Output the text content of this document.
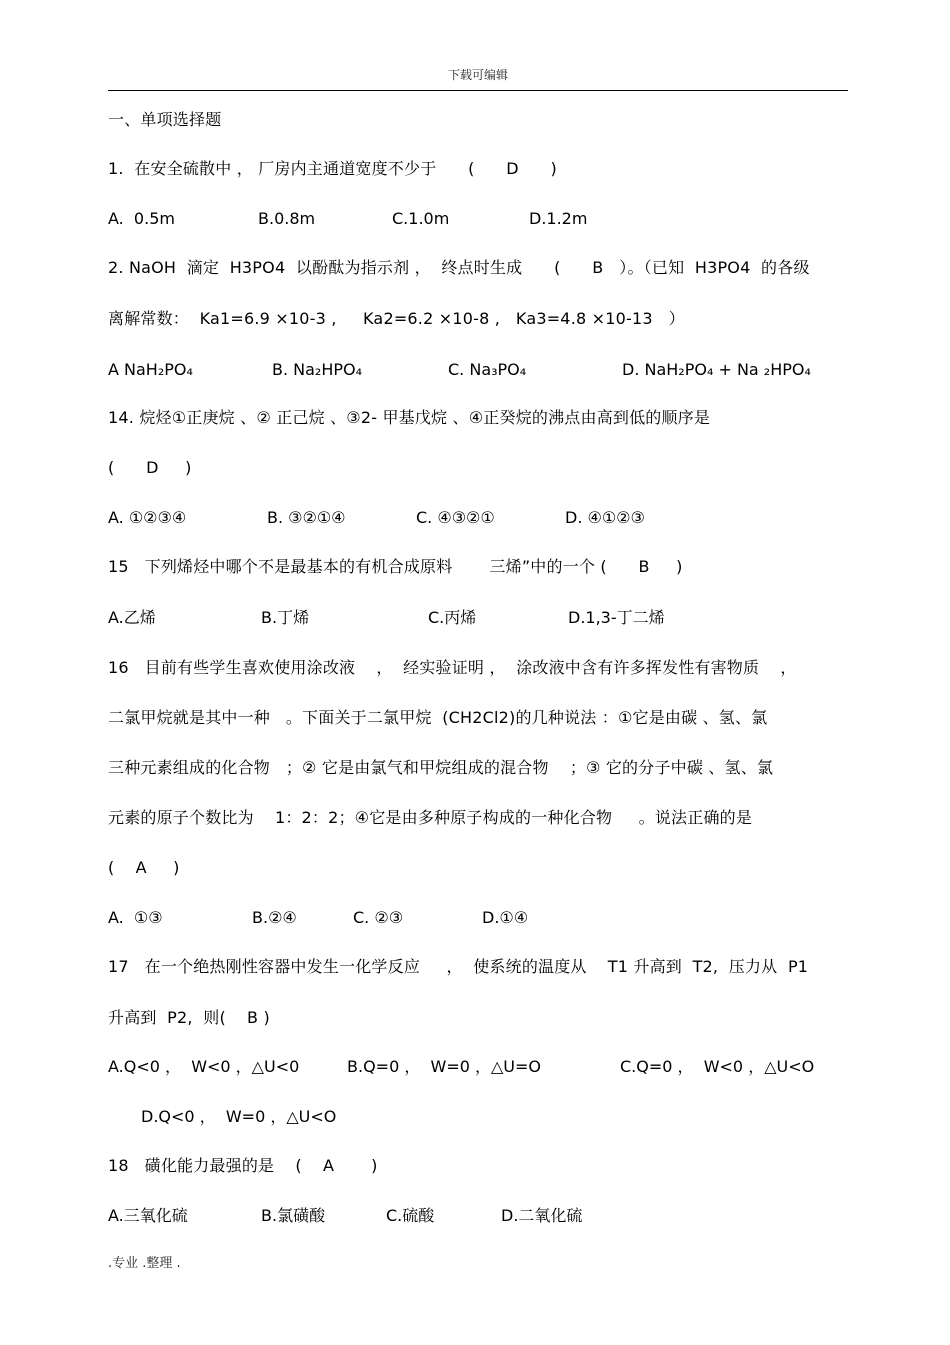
下载可编辑
一、单项选择题
1.  在安全硫散中 ， 厂房内主通道宽度不少于      (      D      )
A.  0.5m	B.0.8m	C.1.0m	D.1.2m
2. NaOH  滴定  H3PO4  以酚酞为指示剂 ，  终点时生成      (      B   ）。（已知  H3PO4  的各级
离解常数：  Ka1=6.9 ×10-3 ,     Ka2=6.2 ×10-8 ,   Ka3=4.8 ×10-13   ）
A NaH₂PO₄	B. Na₂HPO₄	C. Na₃PO₄	D. NaH₂PO₄ + Na ₂HPO₄
14. 烷烃①正庚烷 、② 正己烷 、③2- 甲基戊烷 、④正癸烷的沸点由高到低的顺序是
(      D     )
A. ①②③④	B. ③②①④	C. ④③②①	D. ④①②③
15   下列烯烃中哪个不是最基本的有机合成原料       三烯”中的一个 (      B     )
A.乙烯	B.丁烯	C.丙烯	D.1,3-丁二烯
16   目前有些学生喜欢使用涂改液    ，  经实验证明 ，  涂改液中含有许多挥发性有害物质    ，
二氯甲烷就是其中一种   。下面关于二氯甲烷  (CH2Cl2)的几种说法 ：①它是由碳 、氢、氯
三种元素组成的化合物   ；② 它是由氯气和甲烷组成的混合物    ；③ 它的分子中碳 、氢、氯
元素的原子个数比为    1：2：2；④它是由多种原子构成的一种化合物     。说法正确的是
(    A     )
A.  ①③	B.②④	C. ②③	D.①④
17   在一个绝热刚性容器中发生一化学反应     ，  使系统的温度从    T1 升高到  T2,  压力从  P1
升高到  P2,  则(    B )
A.Q<0 ，  W<0 ，△U<0	B.Q=0 ，  W=0 ，△U=O	C.Q=0 ，  W<0 ，△U<O
D.Q<0 ，  W=0 ，△U<O
18   磺化能力最强的是    (    A       )
A.三氧化硫	B.氯磺酸	C.硫酸	D.二氧化硫
.专业 .整理 .
